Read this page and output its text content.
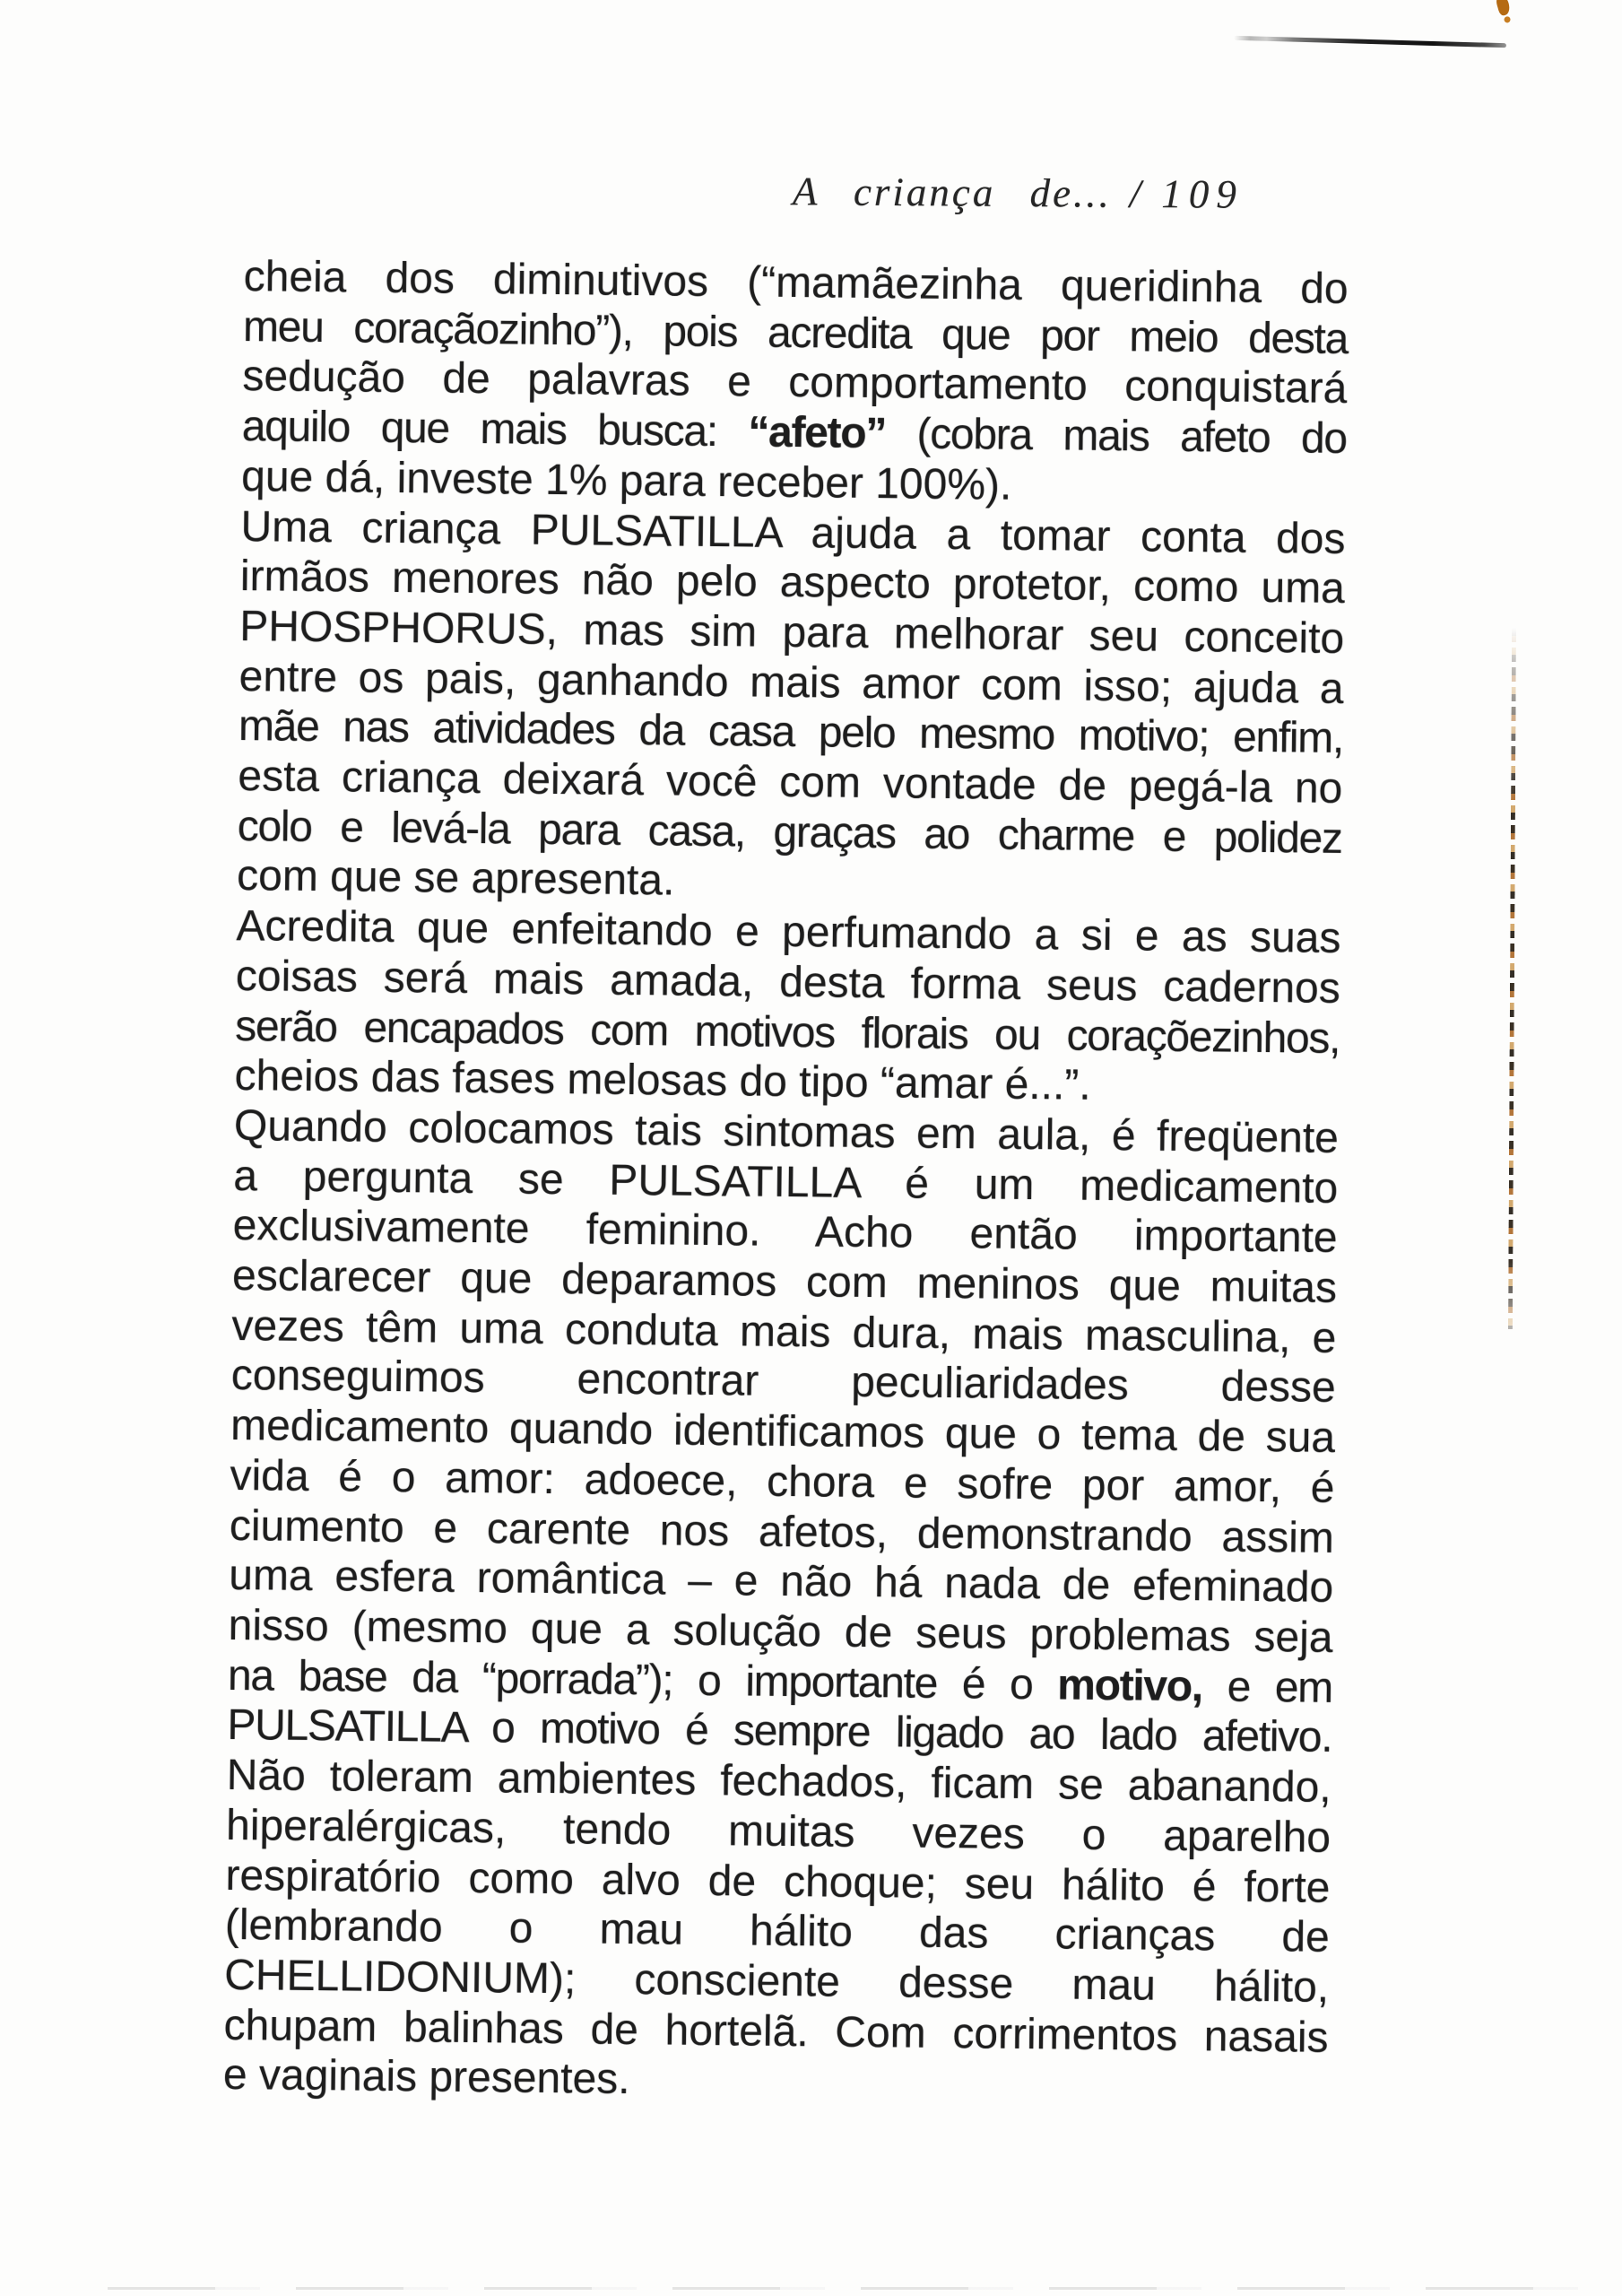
A criança de... / 109
cheia dos diminutivos (“mamãezinha queridinha do
meu coraçãozinho”), pois acredita que por meio desta
sedução de palavras e comportamento conquistará
aquilo que mais busca: “afeto” (cobra mais afeto do
que dá, investe 1% para receber 100%).
Uma criança PULSATILLA ajuda a tomar conta dos
irmãos menores não pelo aspecto protetor, como uma
PHOSPHORUS, mas sim para melhorar seu conceito
entre os pais, ganhando mais amor com isso; ajuda a
mãe nas atividades da casa pelo mesmo motivo; enfim,
esta criança deixará você com vontade de pegá-la no
colo e levá-la para casa, graças ao charme e polidez
com que se apresenta.
Acredita que enfeitando e perfumando a si e as suas
coisas será mais amada, desta forma seus cadernos
serão encapados com motivos florais ou coraçõezinhos,
cheios das fases melosas do tipo “amar é...”.
Quando colocamos tais sintomas em aula, é freqüente
a pergunta se PULSATILLA é um medicamento
exclusivamente feminino. Acho então importante
esclarecer que deparamos com meninos que muitas
vezes têm uma conduta mais dura, mais masculina, e
conseguimos encontrar peculiaridades desse
medicamento quando identificamos que o tema de sua
vida é o amor: adoece, chora e sofre por amor, é
ciumento e carente nos afetos, demonstrando assim
uma esfera romântica – e não há nada de efeminado
nisso (mesmo que a solução de seus problemas seja
na base da “porrada”); o importante é o motivo, e em
PULSATILLA o motivo é sempre ligado ao lado afetivo.
Não toleram ambientes fechados, ficam se abanando,
hiperalérgicas, tendo muitas vezes o aparelho
respiratório como alvo de choque; seu hálito é forte
(lembrando o mau hálito das crianças de
CHELLIDONIUM); consciente desse mau hálito,
chupam balinhas de hortelã. Com corrimentos nasais
e vaginais presentes.
